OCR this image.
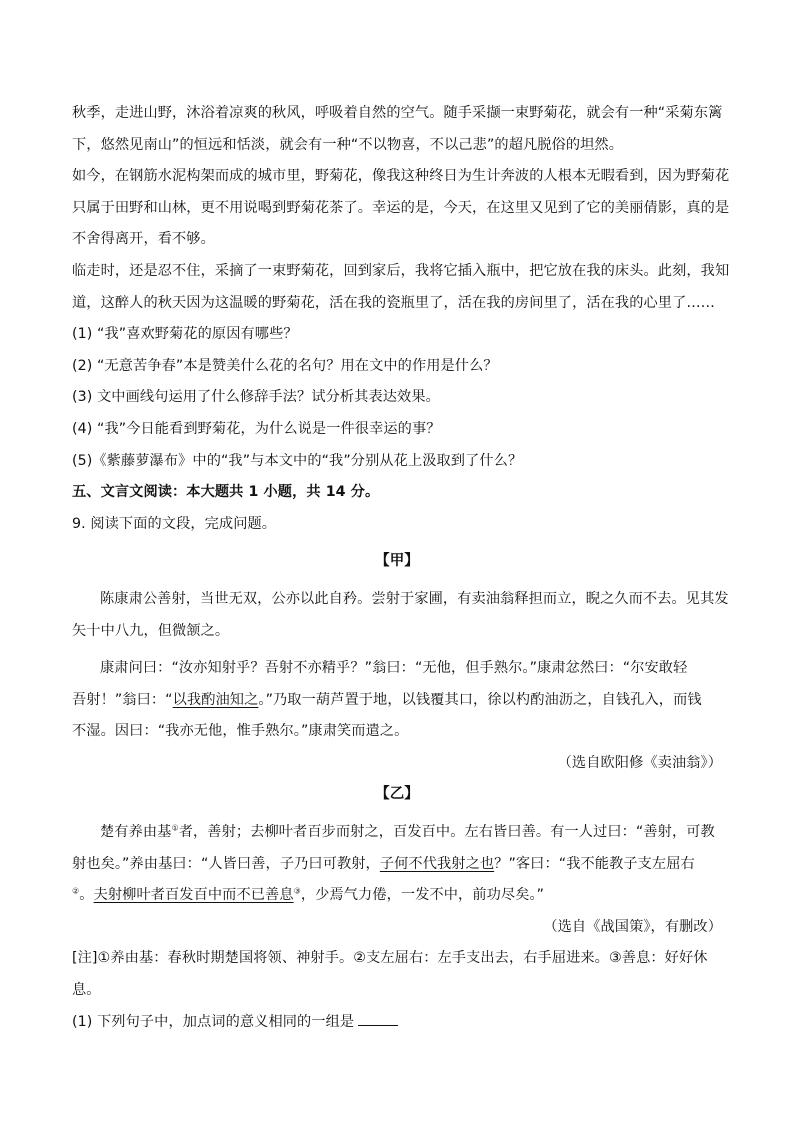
秋季，走进山野，沐浴着凉爽的秋风，呼吸着自然的空气。随手采撷一束野菊花，就会有一种“采菊东篱
下，悠然见南山”的恒远和恬淡，就会有一种“不以物喜，不以己悲”的超凡脱俗的坦然。
如今，在钢筋水泥构架而成的城市里，野菊花，像我这种终日为生计奔波的人根本无暇看到，因为野菊花
只属于田野和山林，更不用说喝到野菊花茶了。幸运的是，今天，在这里又见到了它的美丽倩影，真的是
不舍得离开，看不够。
临走时，还是忍不住，采摘了一束野菊花，回到家后，我将它插入瓶中，把它放在我的床头。此刻，我知
道，这醉人的秋天因为这温暖的野菊花，活在我的瓷瓶里了，活在我的房间里了，活在我的心里了……
(1) “我”喜欢野菊花的原因有哪些？
(2) “无意苦争春”本是赞美什么花的名句？用在文中的作用是什么？
(3) 文中画线句运用了什么修辞手法？试分析其表达效果。
(4) “我”今日能看到野菊花，为什么说是一件很幸运的事？
(5)《紫藤萝瀑布》中的“我”与本文中的“我”分别从花上汲取到了什么？
五、文言文阅读：本大题共 1 小题，共 14 分。
9. 阅读下面的文段，完成问题。
【甲】
陈康肃公善射，当世无双，公亦以此自矜。尝射于家圃，有卖油翁释担而立，睨之久而不去。见其发
矢十中八九，但微颔之。
康肃问曰：“汝亦知射乎？吾射不亦精乎？”翁曰：“无他，但手熟尔。”康肃忿然曰：“尔安敢轻
吾射！”翁曰：“以我酌油知之。”乃取一葫芦置于地，以钱覆其口，徐以杓酌油沥之，自钱孔入，而钱
不湿。因曰：“我亦无他，惟手熟尔。”康肃笑而遣之。
（选自欧阳修《卖油翁》）
【乙】
楚有养由基①者，善射；去柳叶者百步而射之，百发百中。左右皆曰善。有一人过曰：“善射，可教
射也矣。”养由基曰：“人皆曰善，子乃曰可教射，子何不代我射之也？”客曰：“我不能教子支左屈右
②。夫射柳叶者百发百中而不已善息③，少焉气力倦，一发不中，前功尽矣。”
（选自《战国策》，有删改）
[注]①养由基：春秋时期楚国将领、神射手。②支左屈右：左手支出去，右手屈进来。③善息：好好休
息。
(1) 下列句子中，加点词的意义相同的一组是
